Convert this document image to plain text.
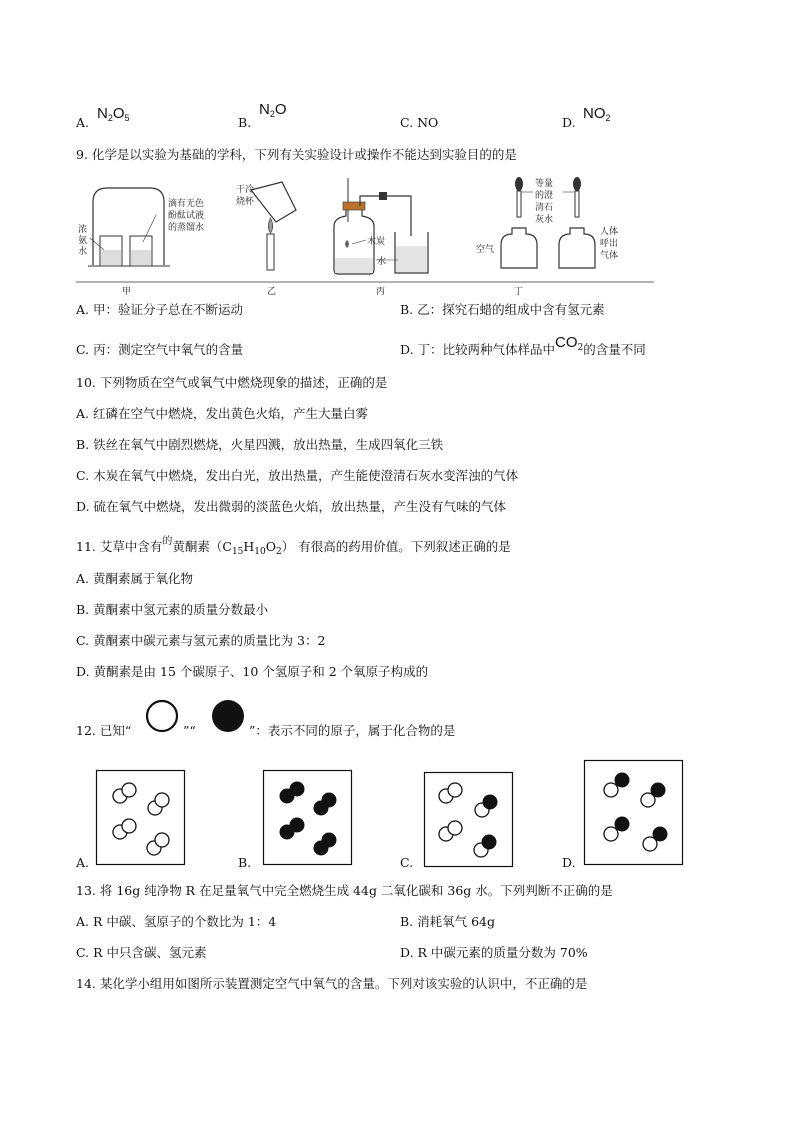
A.
$N_2O_5$	B.
$N_2O$
C. NO	D.
$NO_2$
9. 化学是以实验为基础的学科，下列有关实验设计或操作不能达到实验目的的是
浓
氨
水
滴有无色
酚酞试液
的蒸馏水
甲
干冷
烧杯
乙
木炭
水
丙
等量
的澄
清石
灰水
空气
人体
呼出
气体
丁
A. 甲：验证分子总在不断运动	B. 乙：探究石蜡的组成中含有氢元素
C. 丙：测定空气中氧气的含量	D. 丁：比较两种气体样品中$CO^2$的含量不同
10. 下列物质在空气或氧气中燃烧现象的描述，正确的是
A. 红磷在空气中燃烧，发出黄色火焰，产生大量白雾
B. 铁丝在氧气中剧烈燃烧，火星四溅，放出热量，生成四氧化三铁
C. 木炭在氧气中燃烧，发出白光，放出热量，产生能使澄清石灰水变浑浊的气体
D. 硫在氧气中燃烧，发出微弱的淡蓝色火焰，放出热量，产生没有气味的气体
11. 艾草中含有$^的$黄酮素$(C_{15}H_{10}O_2)$ 有很高的药用价值。下列叙述正确的是
A. 黄酮素属于氧化物
B. 黄酮素中氢元素的质量分数最小
C. 黄酮素中碳元素与氢元素的质量比为 3：2
D. 黄酮素是由 15 个碳原子、10 个氢原子和 2 个氧原子构成的
12. 已知“	”“	”：表示不同的原子，属于化合物的是
A.	B.	C.	D.
13. 将 16g 纯净物 R 在足量氧气中完全燃烧生成 44g 二氧化碳和 36g 水。下列判断不正确的是
A. R 中碳、氢原子的个数比为 1：4	B. 消耗氧气 64g
C. R 中只含碳、氢元素	D. R 中碳元素的质量分数为 70%
14. 某化学小组用如图所示装置测定空气中氧气的含量。下列对该实验的认识中，不正确的是
